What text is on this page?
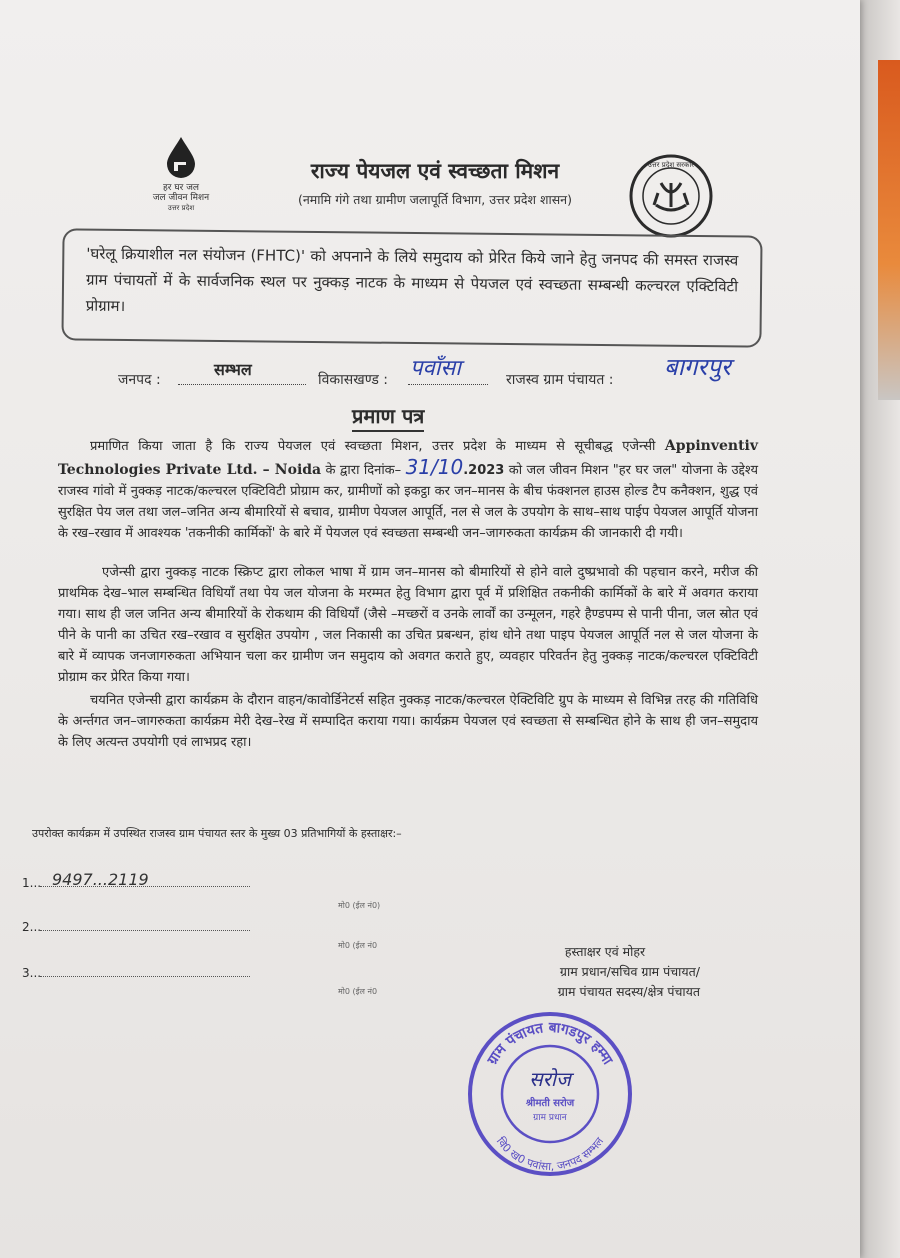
हर घर जल
जल जीवन मिशन
उत्तर प्रदेश
राज्य पेयजल एवं स्वच्छता मिशन
(नमामि गंगे तथा ग्रामीण जलापूर्ति विभाग, उत्तर प्रदेश शासन)
उत्तर प्रदेश सरकार
'घरेलू क्रियाशील नल संयोजन (FHTC)' को अपनाने के लिये समुदाय को प्रेरित किये जाने हेतु जनपद की समस्त राजस्व ग्राम पंचायतों में के सार्वजनिक स्थल पर नुक्कड़ नाटक के माध्यम से पेयजल एवं स्वच्छता सम्बन्धी कल्चरल एक्टिविटी प्रोग्राम।
जनपद :
सम्भल
विकासखण्ड : पवाँसा	राजस्व ग्राम पंचायत : बागरपुर
प्रमाण पत्र
प्रमाणित किया जाता है कि राज्य पेयजल एवं स्वच्छता मिशन, उत्तर प्रदेश के माध्यम से सूचीबद्ध एजेन्सी Appinventiv Technologies Private Ltd. – Noida के द्वारा दिनांक– 31/10.2023 को जल जीवन मिशन "हर घर जल" योजना के उद्देश्य राजस्व गांवो में नुक्कड़ नाटक/कल्चरल एक्टिविटी प्रोग्राम कर, ग्रामीणों को इकट्ठा कर जन–मानस के बीच फंक्शनल हाउस होल्ड टैप कनैक्शन, शुद्ध एवं सुरक्षित पेय जल तथा जल–जनित अन्य बीमारियों से बचाव, ग्रामीण पेयजल आपूर्ति, नल से जल के उपयोग के साथ–साथ पाईप पेयजल आपूर्ति योजना के रख–रखाव में आवश्यक 'तकनीकी कार्मिकों' के बारे में पेयजल एवं स्वच्छता सम्बन्धी जन–जागरुकता कार्यक्रम की जानकारी दी गयी।
एजेन्सी द्वारा नुक्कड़ नाटक स्क्रिप्ट द्वारा लोकल भाषा में ग्राम जन–मानस को बीमारियों से होने वाले दुष्प्रभावो की पहचान करने, मरीज की प्राथमिक देख–भाल सम्बन्धित विधियाँ तथा पेय जल योजना के मरम्मत हेतु विभाग द्वारा पूर्व में प्रशिक्षित तकनीकी कार्मिकों के बारे में अवगत कराया गया। साथ ही जल जनित अन्य बीमारियों के रोकथाम की विधियाँ (जैसे –मच्छरों व उनके लार्वों का उन्मूलन, गहरे हैण्डपम्प से पानी पीना, जल स्रोत एवं पीने के पानी का उचित रख–रखाव व सुरक्षित उपयोग , जल निकासी का उचित प्रबन्धन, हांथ धोने तथा पाइप पेयजल आपूर्ति नल से जल योजना के बारे में व्यापक जनजागरुकता अभियान चला कर ग्रामीण जन समुदाय को अवगत कराते हुए, व्यवहार परिवर्तन हेतु नुक्कड़ नाटक/कल्चरल एक्टिविटी प्रोग्राम कर प्रेरित किया गया।
चयनित एजेन्सी द्वारा कार्यक्रम के दौरान वाहन/कावोर्डिनेटर्स सहित नुक्कड़ नाटक/कल्चरल ऐक्टिविटि ग्रुप के माध्यम से विभिन्न तरह की गतिविधि के अर्न्तगत जन–जागरुकता कार्यक्रम मेरी देख–रेख में सम्पादित कराया गया। कार्यक्रम पेयजल एवं स्वच्छता से सम्बन्धित होने के साथ ही जन–समुदाय के लिए अत्यन्त उपयोगी एवं लाभप्रद रहा।
उपरोक्त कार्यक्रम में उपस्थित राजस्व ग्राम पंचायत स्तर के मुख्य 03 प्रतिभागियों के हस्ताक्षर:–
1... 9497...2119
मो0 (ईल नं0)
2...
मो0 (ईल नं0
3...
मो0 (ईल नं0
हस्ताक्षर एवं मोहर
ग्राम प्रधान/सचिव ग्राम पंचायत/
ग्राम पंचायत सदस्य/क्षेत्र पंचायत
ग्राम पंचायत बागडपुर हम्मा
वि0 ख0 पवांसा, जनपद सम्भल
सरोज
श्रीमती सरोज
ग्राम प्रधान
